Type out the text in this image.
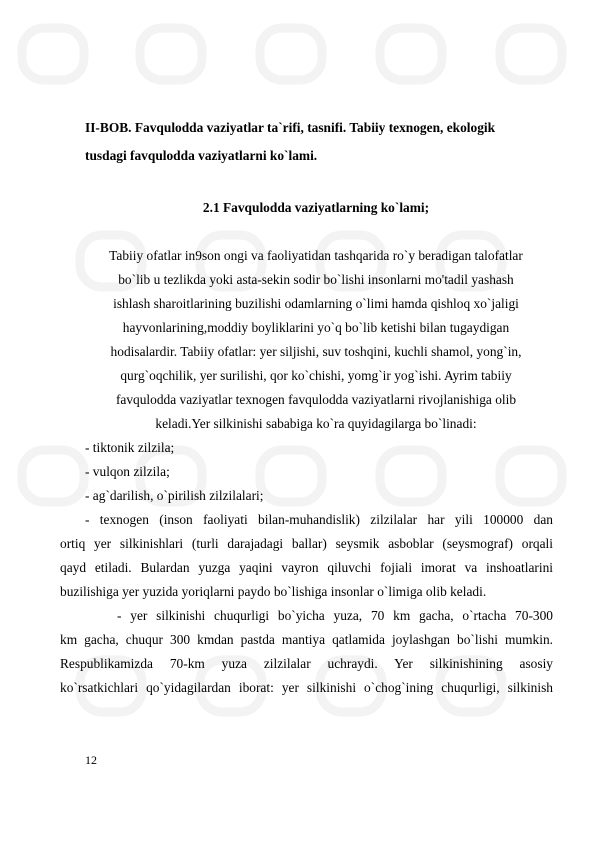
II-BOB. Favqulodda vaziyatlar ta`rifi, tasnifi. Tabiiy texnogen, ekologik
tusdagi favqulodda vaziyatlarni ko`lami.
2.1 Favqulodda vaziyatlarning ko`lami;
Tabiiy ofatlar in9son ongi va faoliyatidan tashqarida ro`y beradigan talofatlar
bo`lib u tezlikda yoki asta-sekin sodir bo`lishi insonlarni mo'tadil yashash
ishlash sharoitlarining buzilishi odamlarning o`limi hamda qishloq xo`jaligi
hayvonlarining,moddiy boyliklarini yo`q bo`lib ketishi bilan tugaydigan
hodisalardir. Tabiiy ofatlar: yer siljishi, suv toshqini, kuchli shamol, yong`in,
qurg`oqchilik, yer surilishi, qor ko`chishi, yomg`ir yog`ishi. Ayrim tabiiy
favqulodda vaziyatlar texnogen favqulodda vaziyatlarni rivojlanishiga olib
keladi.Yer silkinishi sababiga ko`ra quyidagilarga bo`linadi:
- tiktonik zilzila;
- vulqon zilzila;
- ag`darilish, o`pirilish zilzilalari;
- texnogen (inson faoliyati bilan-muhandislik) zilzilalar har yili 100000 dan
ortiq yer silkinishlari (turli darajadagi ballar) seysmik asboblar (seysmograf) orqali
qayd etiladi. Bulardan yuzga yaqini vayron qiluvchi fojiali imorat va inshoatlarini
buzilishiga yer yuzida yoriqlarni paydo bo`lishiga insonlar o`limiga olib keladi.
- yer silkinishi chuqurligi bo`yicha yuza, 70 km gacha, o`rtacha 70-300
km gacha, chuqur 300 kmdan pastda mantiya qatlamida joylashgan bo`lishi mumkin.
Respublikamizda 70-km yuza zilzilalar uchraydi. Yer silkinishining asosiy
ko`rsatkichlari qo`yidagilardan iborat: yer silkinishi o`chog`ining chuqurligi, silkinish
12
